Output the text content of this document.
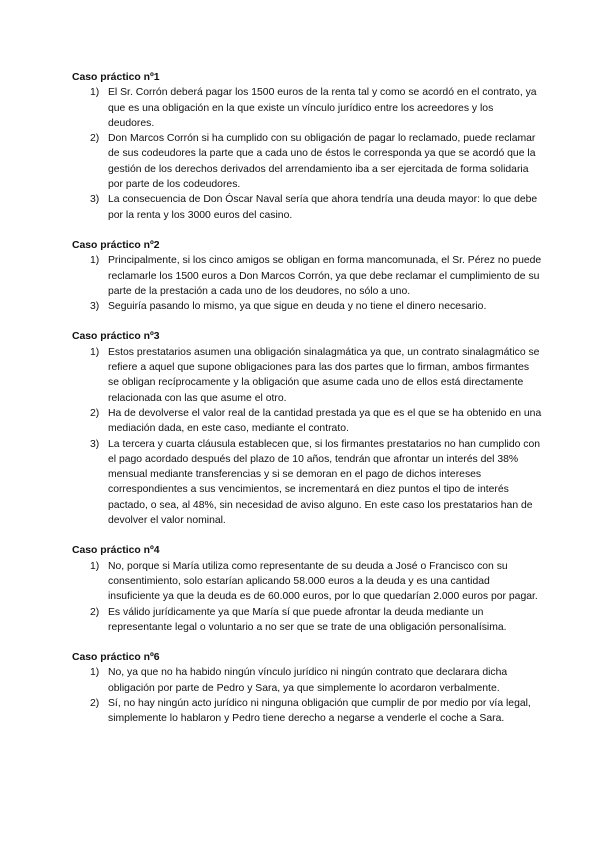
Caso práctico nº1
1) El Sr. Corrón deberá pagar los 1500 euros de la renta tal y como se acordó en el contrato, ya que es una obligación en la que existe un vínculo jurídico entre los acreedores y los deudores.
2) Don Marcos Corrón si ha cumplido con su obligación de pagar lo reclamado, puede reclamar de sus codeudores la parte que a cada uno de éstos le corresponda ya que se acordó que la gestión de los derechos derivados del arrendamiento iba a ser ejercitada de forma solidaria por parte de los codeudores.
3) La consecuencia de Don Óscar Naval sería que ahora tendría una deuda mayor: lo que debe por la renta y los 3000 euros del casino.
Caso práctico nº2
1) Principalmente, si los cinco amigos se obligan en forma mancomunada, el Sr. Pérez no puede reclamarle los 1500 euros a Don Marcos Corrón, ya que debe reclamar el cumplimiento de su parte de la prestación a cada uno de los deudores, no sólo a uno.
3) Seguiría pasando lo mismo, ya que sigue en deuda y no tiene el dinero necesario.
Caso práctico nº3
1) Estos prestatarios asumen una obligación sinalagmática ya que, un contrato sinalagmático se refiere a aquel que supone obligaciones para las dos partes que lo firman, ambos firmantes se obligan recíprocamente y la obligación que asume cada uno de ellos está directamente relacionada con las que asume el otro.
2) Ha de devolverse el valor real de la cantidad prestada ya que es el que se ha obtenido en una mediación dada, en este caso, mediante el contrato.
3) La tercera y cuarta cláusula establecen que, si los firmantes prestatarios no han cumplido con el pago acordado después del plazo de 10 años, tendrán que afrontar un interés del 38% mensual mediante transferencias y si se demoran en el pago de dichos intereses correspondientes a sus vencimientos, se incrementará en diez puntos el tipo de interés pactado, o sea, al 48%, sin necesidad de aviso alguno. En este caso los prestatarios han de devolver el valor nominal.
Caso práctico nº4
1) No, porque si María utiliza como representante de su deuda a José o Francisco con su consentimiento, solo estarían aplicando 58.000 euros a la deuda y es una cantidad insuficiente ya que la deuda es de 60.000 euros, por lo que quedarían 2.000 euros por pagar.
2) Es válido jurídicamente ya que María sí que puede afrontar la deuda mediante un representante legal o voluntario a no ser que se trate de una obligación personalísima.
Caso práctico nº6
1) No, ya que no ha habido ningún vínculo jurídico ni ningún contrato que declarara dicha obligación por parte de Pedro y Sara, ya que simplemente lo acordaron verbalmente.
2) Sí, no hay ningún acto jurídico ni ninguna obligación que cumplir de por medio por vía legal, simplemente lo hablaron y Pedro tiene derecho a negarse a venderle el coche a Sara.
